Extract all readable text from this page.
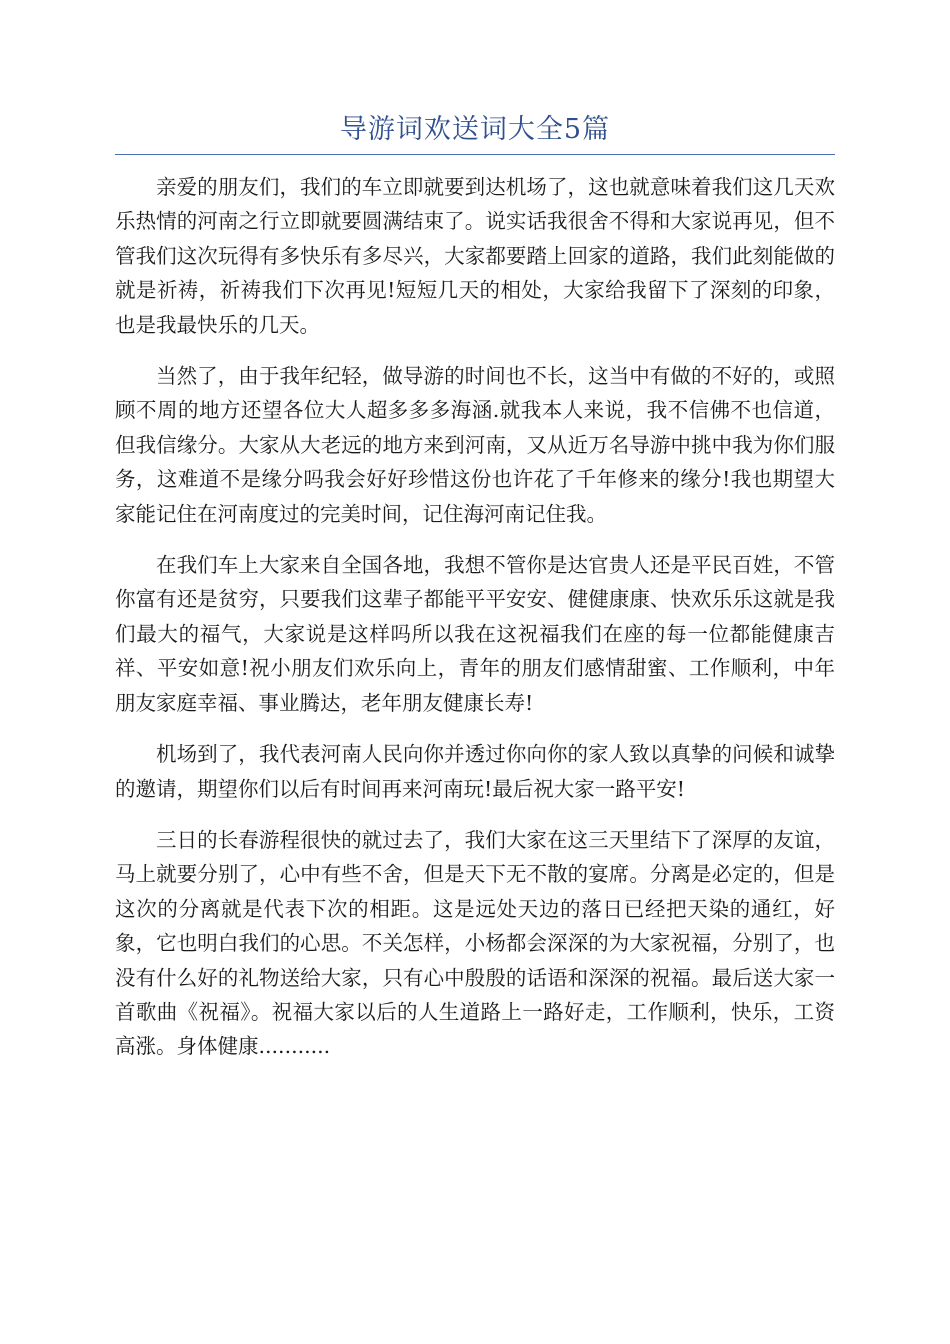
导游词欢送词大全5篇

亲爱的朋友们，我们的车立即就要到达机场了，这也就意味着我们这几天欢乐热情的河南之行立即就要圆满结束了。说实话我很舍不得和大家说再见，但不管我们这次玩得有多快乐有多尽兴，大家都要踏上回家的道路，我们此刻能做的就是祈祷，祈祷我们下次再见!短短几天的相处，大家给我留下了深刻的印象，也是我最快乐的几天。

当然了，由于我年纪轻，做导游的时间也不长，这当中有做的不好的，或照顾不周的地方还望各位大人超多多多海涵.就我本人来说，我不信佛不也信道，但我信缘分。大家从大老远的地方来到河南，又从近万名导游中挑中我为你们服务，这难道不是缘分吗我会好好珍惜这份也许花了千年修来的缘分!我也期望大家能记住在河南度过的完美时间，记住海河南记住我。

在我们车上大家来自全国各地，我想不管你是达官贵人还是平民百姓，不管你富有还是贫穷，只要我们这辈子都能平平安安、健健康康、快欢乐乐这就是我们最大的福气，大家说是这样吗所以我在这祝福我们在座的每一位都能健康吉祥、平安如意!祝小朋友们欢乐向上，青年的朋友们感情甜蜜、工作顺利，中年朋友家庭幸福、事业腾达，老年朋友健康长寿!

机场到了，我代表河南人民向你并透过你向你的家人致以真挚的问候和诚挚的邀请，期望你们以后有时间再来河南玩!最后祝大家一路平安!

三日的长春游程很快的就过去了，我们大家在这三天里结下了深厚的友谊，马上就要分别了，心中有些不舍，但是天下无不散的宴席。分离是必定的，但是这次的分离就是代表下次的相距。这是远处天边的落日已经把天染的通红，好象，它也明白我们的心思。不关怎样，小杨都会深深的为大家祝福，分别了，也没有什么好的礼物送给大家，只有心中殷殷的话语和深深的祝福。最后送大家一首歌曲《祝福》。祝福大家以后的人生道路上一路好走，工作顺利，快乐，工资高涨。身体健康...........
